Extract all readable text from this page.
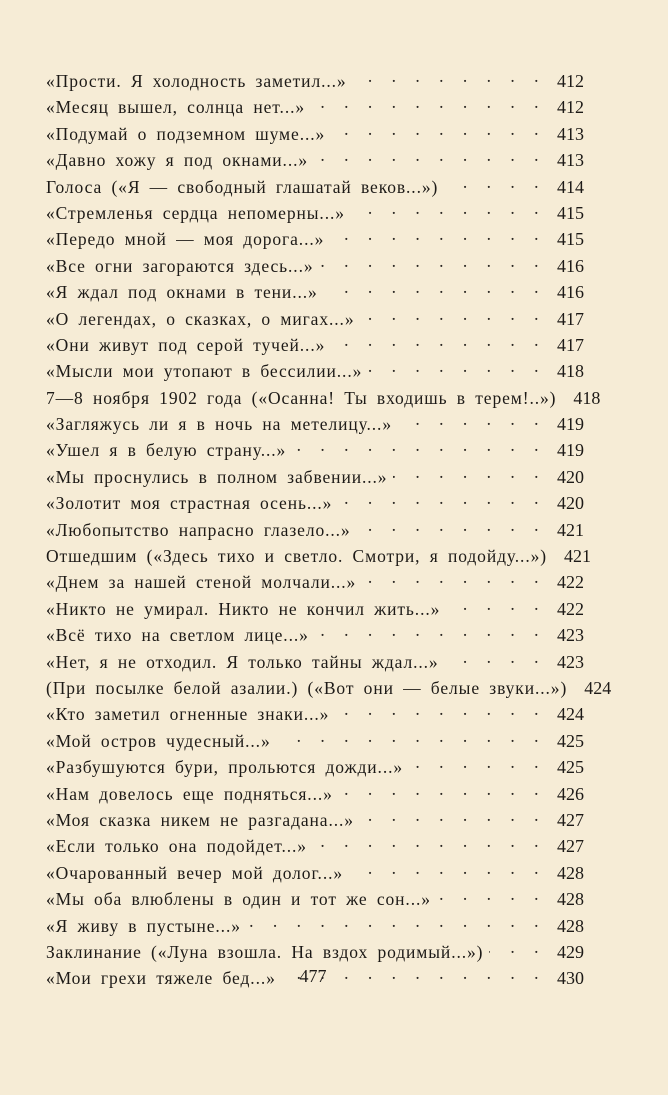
«Прости. Я холодность заметил...» . . .	412
«Месяц вышел, солнца нет...» . . .	412
«Подумай о подземном шуме...» . . .	413
«Давно хожу я под окнами...» . . .	413
Голоса («Я — свободный глашатай веков...») . . .	414
«Стремленья сердца непомерны...» . . .	415
«Передо мной — моя дорога...» . . .	415
«Все огни загораются здесь...» . . .	416
«Я ждал под окнами в тени...» . . .	416
«О легендах, о сказках, о мигах...» . . .	417
«Они живут под серой тучей...» . . .	417
«Мысли мои утопают в бессилии...» . . .	418
7—8 ноября 1902 года («Осанна! Ты входишь в терем!..») 418
«Загляжусь ли я в ночь на метелицу...» . . .	419
«Ушел я в белую страну...» . . .	419
«Мы проснулись в полном забвении...» . . .	420
«Золотит моя страстная осень...» . . .	420
«Любопытство напрасно глазело...» . . .	421
Отшедшим («Здесь тихо и светло. Смотри, я подойду...») 421
«Днем за нашей стеной молчали...» . . .	422
«Никто не умирал. Никто не кончил жить...» . . .	422
«Всё тихо на светлом лице...» . . .	423
«Нет, я не отходил. Я только тайны ждал...» . . .	423
(При посылке белой азалии.) («Вот они — белые звуки...») 424
«Кто заметил огненные знаки...» . . .	424
«Мой остров чудесный...» . . .	425
«Разбушуются бури, прольются дожди...» . . .	425
«Нам довелось еще подняться...» . . .	426
«Моя сказка никем не разгадана...» . . .	427
«Если только она подойдет...» . . .	427
«Очарованный вечер мой долог...» . . .	428
«Мы оба влюблены в один и тот же сон...» . . .	428
«Я живу в пустыне...» . . .	428
Заклинание («Луна взошла. На вздох родимый...») . . .	429
«Мои грехи тяжеле бед...» . . .	430
477
